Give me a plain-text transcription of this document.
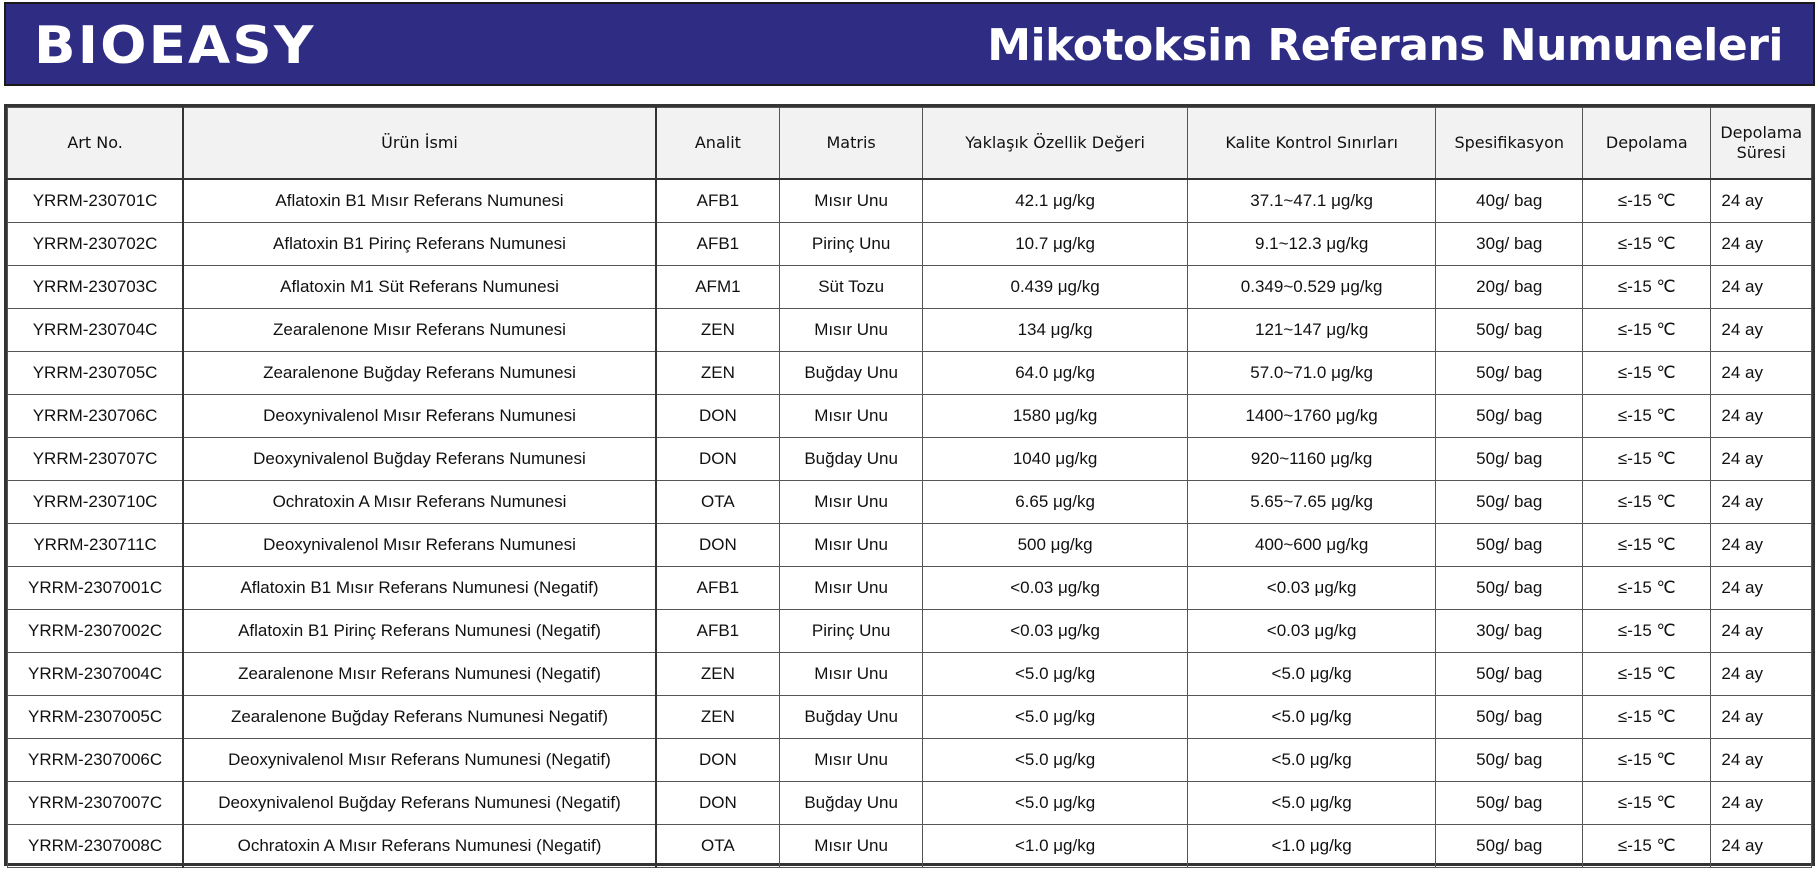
BIOEASY	Mikotoksin Referans Numuneleri
Art No.	Ürün İsmi	Analit	Matris	Yaklaşık Özellik Değeri	Kalite Kontrol Sınırları	Spesifikasyon	Depolama	Depolama Süresi
YRRM-230701C	Aflatoxin B1 Mısır Referans Numunesi	AFB1	Mısır Unu	42.1 μg/kg	37.1~47.1 μg/kg	40g/ bag	≤-15 ℃	24 ay
YRRM-230702C	Aflatoxin B1 Pirinç Referans Numunesi	AFB1	Pirinç Unu	10.7 μg/kg	9.1~12.3 μg/kg	30g/ bag	≤-15 ℃	24 ay
YRRM-230703C	Aflatoxin M1 Süt Referans Numunesi	AFM1	Süt Tozu	0.439 μg/kg	0.349~0.529 μg/kg	20g/ bag	≤-15 ℃	24 ay
YRRM-230704C	Zearalenone Mısır Referans Numunesi	ZEN	Mısır Unu	134 μg/kg	121~147 μg/kg	50g/ bag	≤-15 ℃	24 ay
YRRM-230705C	Zearalenone Buğday Referans Numunesi	ZEN	Buğday Unu	64.0 μg/kg	57.0~71.0 μg/kg	50g/ bag	≤-15 ℃	24 ay
YRRM-230706C	Deoxynivalenol Mısır Referans Numunesi	DON	Mısır Unu	1580 μg/kg	1400~1760 μg/kg	50g/ bag	≤-15 ℃	24 ay
YRRM-230707C	Deoxynivalenol Buğday Referans Numunesi	DON	Buğday Unu	1040 μg/kg	920~1160 μg/kg	50g/ bag	≤-15 ℃	24 ay
YRRM-230710C	Ochratoxin A Mısır Referans Numunesi	OTA	Mısır Unu	6.65 μg/kg	5.65~7.65 μg/kg	50g/ bag	≤-15 ℃	24 ay
YRRM-230711C	Deoxynivalenol Mısır Referans Numunesi	DON	Mısır Unu	500 μg/kg	400~600 μg/kg	50g/ bag	≤-15 ℃	24 ay
YRRM-2307001C	Aflatoxin B1 Mısır Referans Numunesi (Negatif)	AFB1	Mısır Unu	˂0.03 μg/kg	˂0.03 μg/kg	50g/ bag	≤-15 ℃	24 ay
YRRM-2307002C	Aflatoxin B1 Pirinç Referans Numunesi (Negatif)	AFB1	Pirinç Unu	˂0.03 μg/kg	˂0.03 μg/kg	30g/ bag	≤-15 ℃	24 ay
YRRM-2307004C	Zearalenone Mısır Referans Numunesi (Negatif)	ZEN	Mısır Unu	˂5.0 μg/kg	˂5.0 μg/kg	50g/ bag	≤-15 ℃	24 ay
YRRM-2307005C	Zearalenone Buğday Referans Numunesi Negatif)	ZEN	Buğday Unu	˂5.0 μg/kg	˂5.0 μg/kg	50g/ bag	≤-15 ℃	24 ay
YRRM-2307006C	Deoxynivalenol Mısır Referans Numunesi (Negatif)	DON	Mısır Unu	˂5.0 μg/kg	˂5.0 μg/kg	50g/ bag	≤-15 ℃	24 ay
YRRM-2307007C	Deoxynivalenol Buğday Referans Numunesi (Negatif)	DON	Buğday Unu	˂5.0 μg/kg	˂5.0 μg/kg	50g/ bag	≤-15 ℃	24 ay
YRRM-2307008C	Ochratoxin A Mısır Referans Numunesi (Negatif)	OTA	Mısır Unu	˂1.0 μg/kg	˂1.0 μg/kg	50g/ bag	≤-15 ℃	24 ay
